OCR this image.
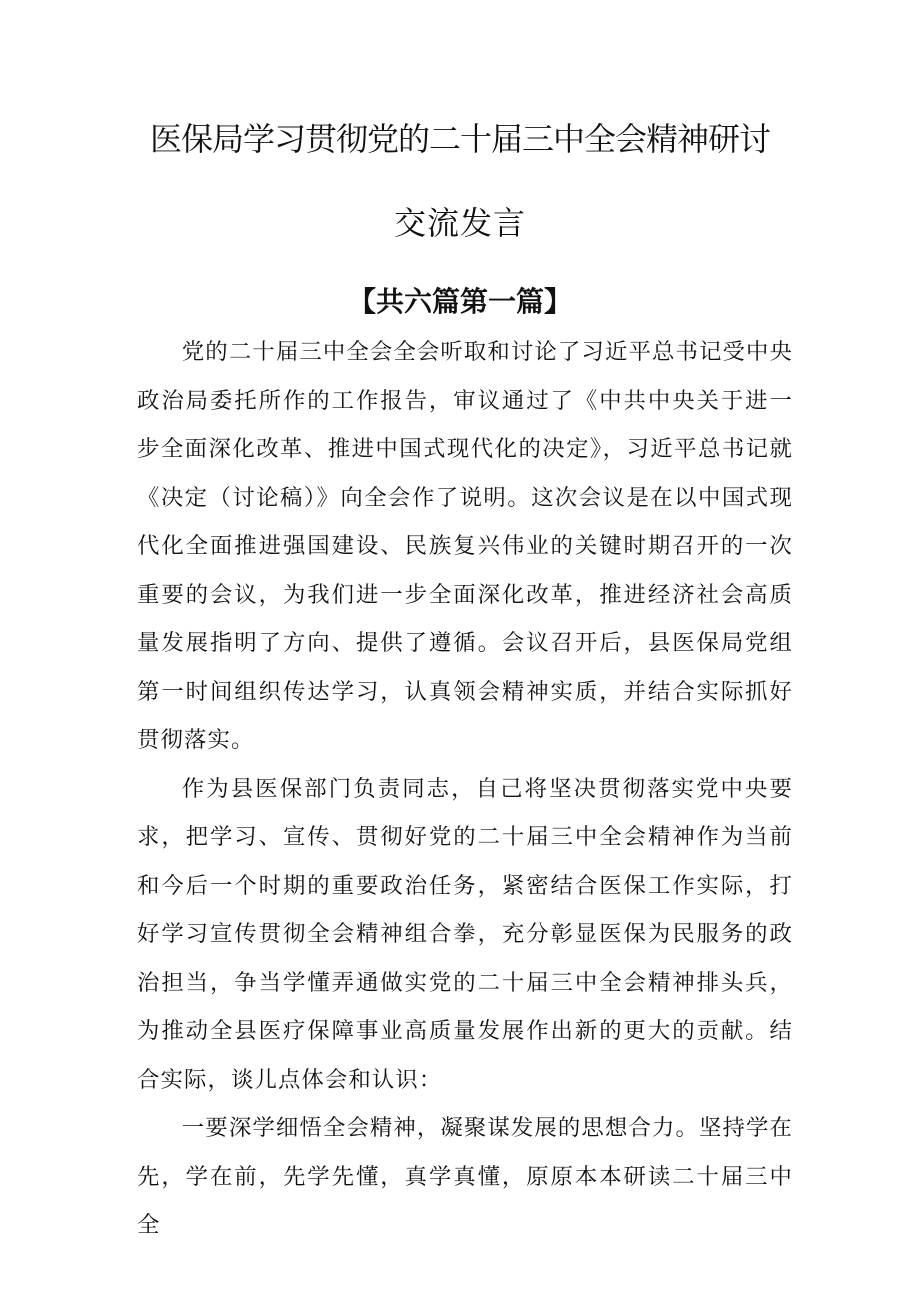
医保局学习贯彻党的二十届三中全会精神研讨
交流发言
【共六篇第一篇】

党的二十届三中全会全会听取和讨论了习近平总书记受中央政治局委托所作的工作报告，审议通过了《中共中央关于进一步全面深化改革、推进中国式现代化的决定》，习近平总书记就《决定（讨论稿）》向全会作了说明。这次会议是在以中国式现代化全面推进强国建设、民族复兴伟业的关键时期召开的一次重要的会议，为我们进一步全面深化改革，推进经济社会高质量发展指明了方向、提供了遵循。会议召开后，县医保局党组第一时间组织传达学习，认真领会精神实质，并结合实际抓好贯彻落实。

作为县医保部门负责同志，自己将坚决贯彻落实党中央要求，把学习、宣传、贯彻好党的二十届三中全会精神作为当前和今后一个时期的重要政治任务，紧密结合医保工作实际，打好学习宣传贯彻全会精神组合拳，充分彰显医保为民服务的政治担当，争当学懂弄通做实党的二十届三中全会精神排头兵，为推动全县医疗保障事业高质量发展作出新的更大的贡献。结合实际，谈儿点体会和认识：

一要深学细悟全会精神，凝聚谋发展的思想合力。坚持学在先，学在前，先学先懂，真学真懂，原原本本研读二十届三中全
